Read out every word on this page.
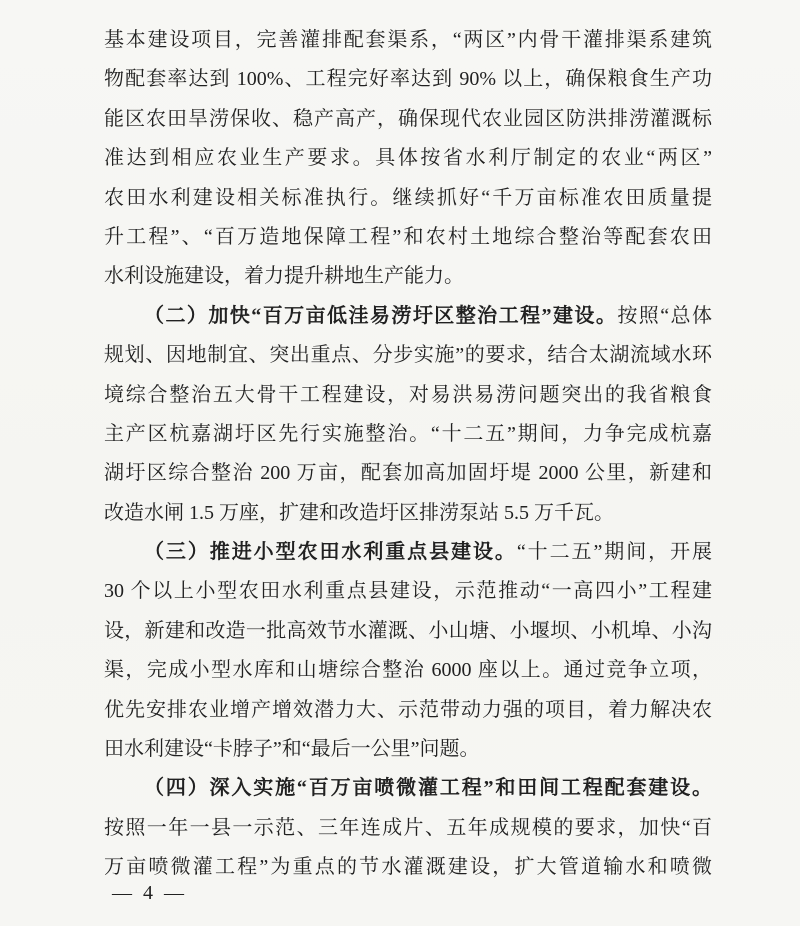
基本建设项目，完善灌排配套渠系，“两区”内骨干灌排渠系建筑
物配套率达到 100%、工程完好率达到 90% 以上，确保粮食生产功
能区农田旱涝保收、稳产高产，确保现代农业园区防洪排涝灌溉标
准达到相应农业生产要求。具体按省水利厅制定的农业“两区”
农田水利建设相关标准执行。继续抓好“千万亩标准农田质量提
升工程”、“百万造地保障工程”和农村土地综合整治等配套农田
水利设施建设，着力提升耕地生产能力。
（二）加快“百万亩低洼易涝圩区整治工程”建设。按照“总体
规划、因地制宜、突出重点、分步实施”的要求，结合太湖流域水环
境综合整治五大骨干工程建设，对易洪易涝问题突出的我省粮食
主产区杭嘉湖圩区先行实施整治。“十二五”期间，力争完成杭嘉
湖圩区综合整治 200 万亩，配套加高加固圩堤 2000 公里，新建和
改造水闸 1.5 万座，扩建和改造圩区排涝泵站 5.5 万千瓦。
（三）推进小型农田水利重点县建设。“十二五”期间，开展
30 个以上小型农田水利重点县建设，示范推动“一高四小”工程建
设，新建和改造一批高效节水灌溉、小山塘、小堰坝、小机埠、小沟
渠，完成小型水库和山塘综合整治 6000 座以上。通过竞争立项，
优先安排农业增产增效潜力大、示范带动力强的项目，着力解决农
田水利建设“卡脖子”和“最后一公里”问题。
（四）深入实施“百万亩喷微灌工程”和田间工程配套建设。
按照一年一县一示范、三年连成片、五年成规模的要求，加快“百
万亩喷微灌工程”为重点的节水灌溉建设，扩大管道输水和喷微
— 4 —
